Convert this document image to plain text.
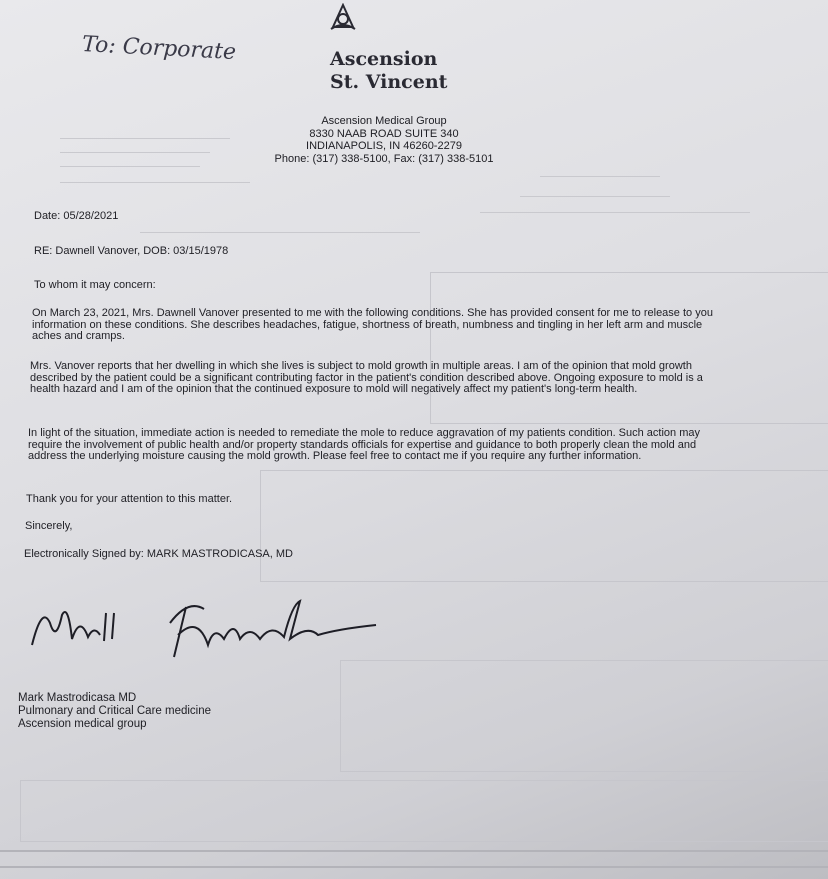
To: Corporate	Ascension
St. Vincent
Ascension Medical Group
8330 NAAB ROAD SUITE 340
INDIANAPOLIS, IN 46260-2279
Phone: (317) 338-5100, Fax: (317) 338-5101
Date: 05/28/2021
RE: Dawnell Vanover, DOB: 03/15/1978
To whom it may concern:
On March 23, 2021, Mrs. Dawnell Vanover presented to me with the following conditions. She has provided consent for me to release to you information on these conditions. She describes headaches, fatigue, shortness of breath, numbness and tingling in her left arm and muscle aches and cramps.
Mrs. Vanover reports that her dwelling in which she lives is subject to mold growth in multiple areas. I am of the opinion that mold growth described by the patient could be a significant contributing factor in the patient's condition described above. Ongoing exposure to mold is a health hazard and I am of the opinion that the continued exposure to mold will negatively affect my patient's long-term health.
In light of the situation, immediate action is needed to remediate the mole to reduce aggravation of my patients condition. Such action may require the involvement of public health and/or property standards officials for expertise and guidance to both properly clean the mold and address the underlying moisture causing the mold growth. Please feel free to contact me if you require any further information.
Thank you for your attention to this matter.
Sincerely,
Electronically Signed by: MARK MASTRODICASA, MD
Mark Mastrodicasa MD
Pulmonary and Critical Care medicine
Ascension medical group
